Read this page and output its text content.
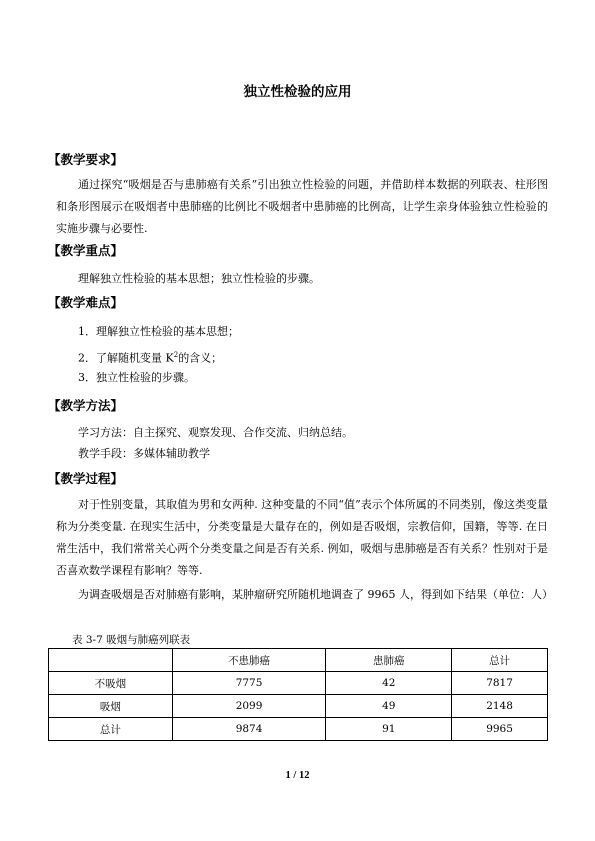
独立性检验的应用
【教学要求】

通过探究“吸烟是否与患肺癌有关系”引出独立性检验的问题，并借助样本数据的列联表、柱形图和条形图展示在吸烟者中患肺癌的比例比不吸烟者中患肺癌的比例高，让学生亲身体验独立性检验的实施步骤与必要性.

【教学重点】

理解独立性检验的基本思想；独立性检验的步骤。

【教学难点】
1．理解独立性检验的基本思想；
2．了解随机变量 $K^2$的含义；
3．独立性检验的步骤。
【教学方法】
学习方法：自主探究、观察发现、合作交流、归纳总结。
教学手段：多媒体辅助教学
【教学过程】

对于性别变量，其取值为男和女两种. 这种变量的不同“值”表示个体所属的不同类别，像这类变量称为分类变量. 在现实生活中，分类变量是大量存在的，例如是否吸烟，宗教信仰，国籍，等等. 在日常生活中，我们常常关心两个分类变量之间是否有关系. 例如，吸烟与患肺癌是否有关系？性别对于是否喜欢数学课程有影响？等等.

为调查吸烟是否对肺癌有影响，某肿瘤研究所随机地调查了 9965 人，得到如下结果（单位：人）

表 3-7 吸烟与肺癌列联表
	不患肺癌	患肺癌	总计
不吸烟	7775	42	7817
吸烟	2099	49	2148
总计	9874	91	9965
1 / 12
